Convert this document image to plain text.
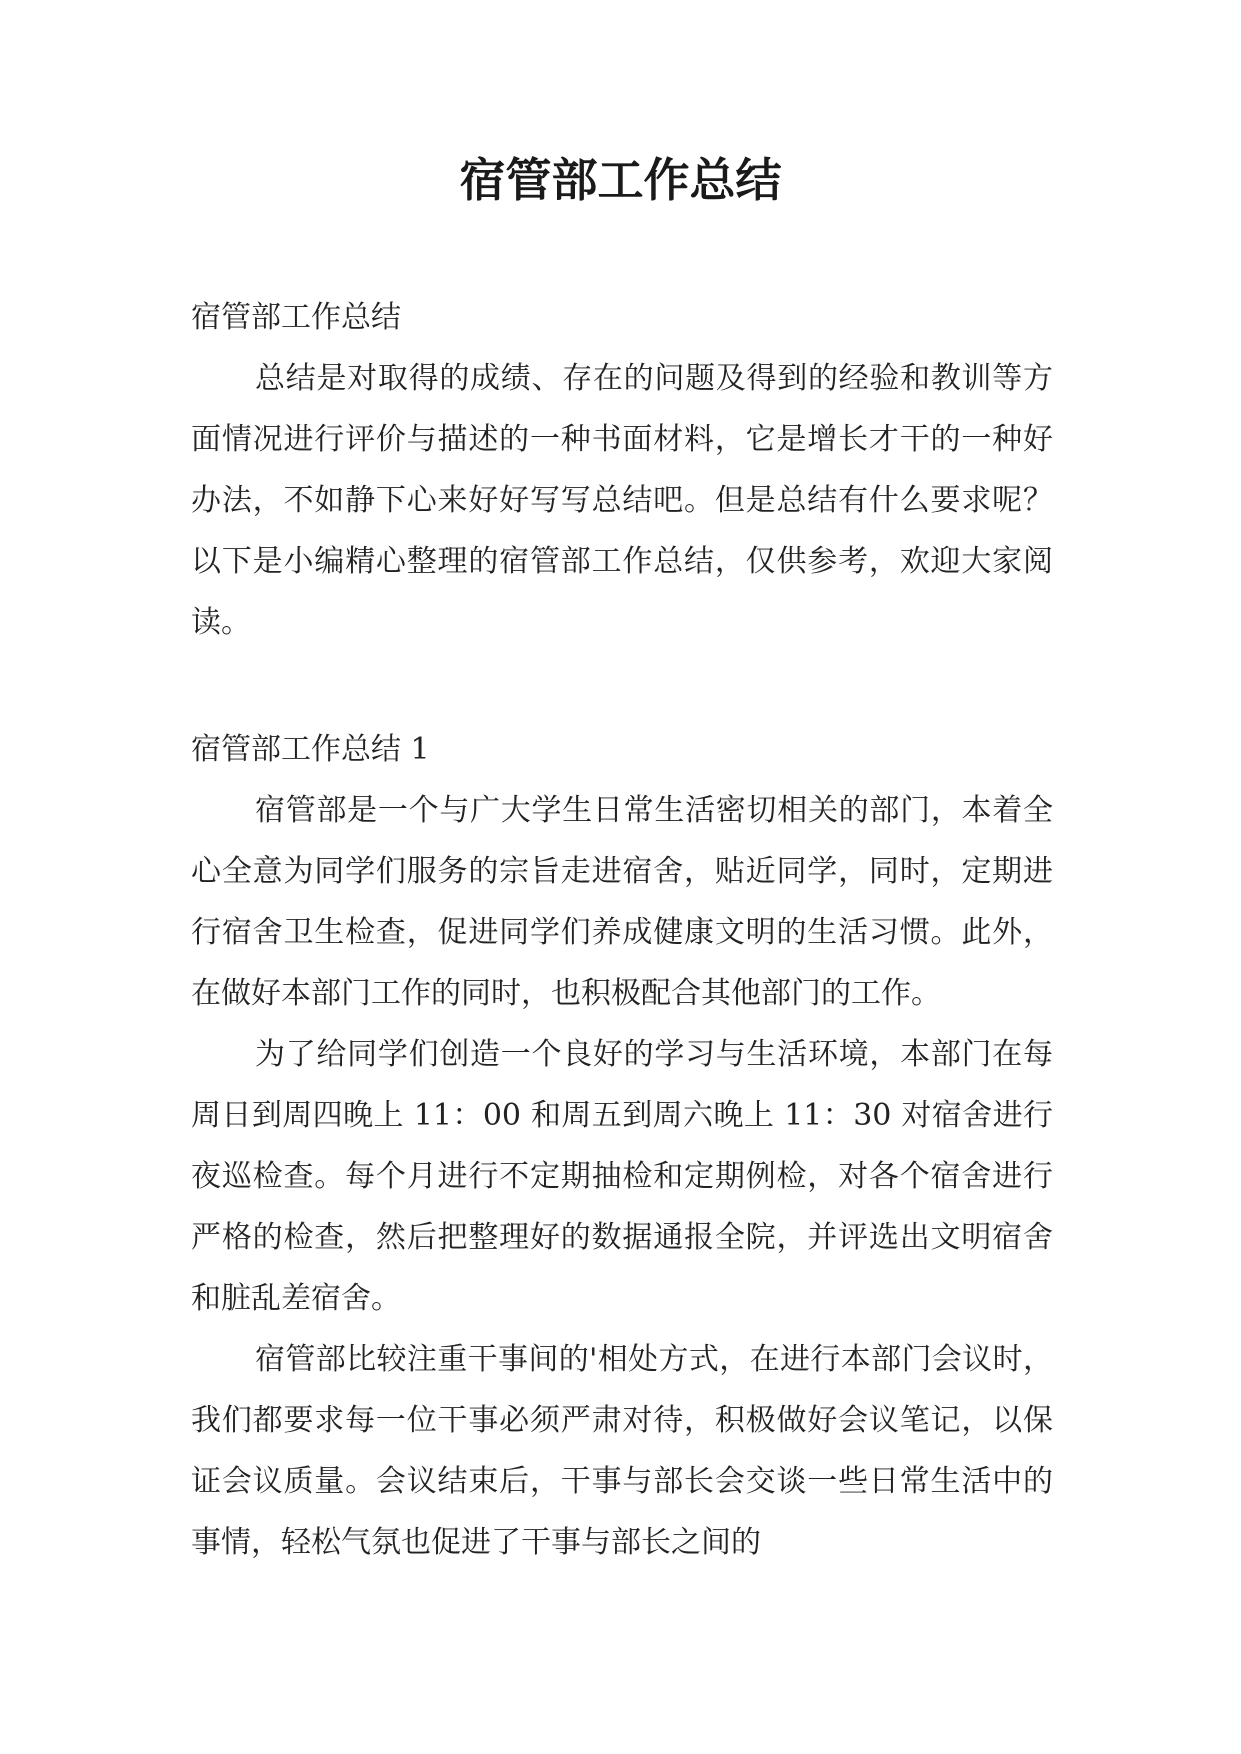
宿管部工作总结

宿管部工作总结

总结是对取得的成绩、存在的问题及得到的经验和教训等方面情况进行评价与描述的一种书面材料，它是增长才干的一种好办法，不如静下心来好好写写总结吧。但是总结有什么要求呢？以下是小编精心整理的宿管部工作总结，仅供参考，欢迎大家阅读。

宿管部工作总结 1

宿管部是一个与广大学生日常生活密切相关的部门，本着全心全意为同学们服务的宗旨走进宿舍，贴近同学，同时，定期进行宿舍卫生检查，促进同学们养成健康文明的生活习惯。此外，在做好本部门工作的同时，也积极配合其他部门的工作。

为了给同学们创造一个良好的学习与生活环境，本部门在每周日到周四晚上 11：00 和周五到周六晚上 11：30 对宿舍进行夜巡检查。每个月进行不定期抽检和定期例检，对各个宿舍进行严格的检查，然后把整理好的数据通报全院，并评选出文明宿舍和脏乱差宿舍。

宿管部比较注重干事间的'相处方式，在进行本部门会议时，我们都要求每一位干事必须严肃对待，积极做好会议笔记，以保证会议质量。会议结束后，干事与部长会交谈一些日常生活中的事情，轻松气氛也促进了干事与部长之间的
